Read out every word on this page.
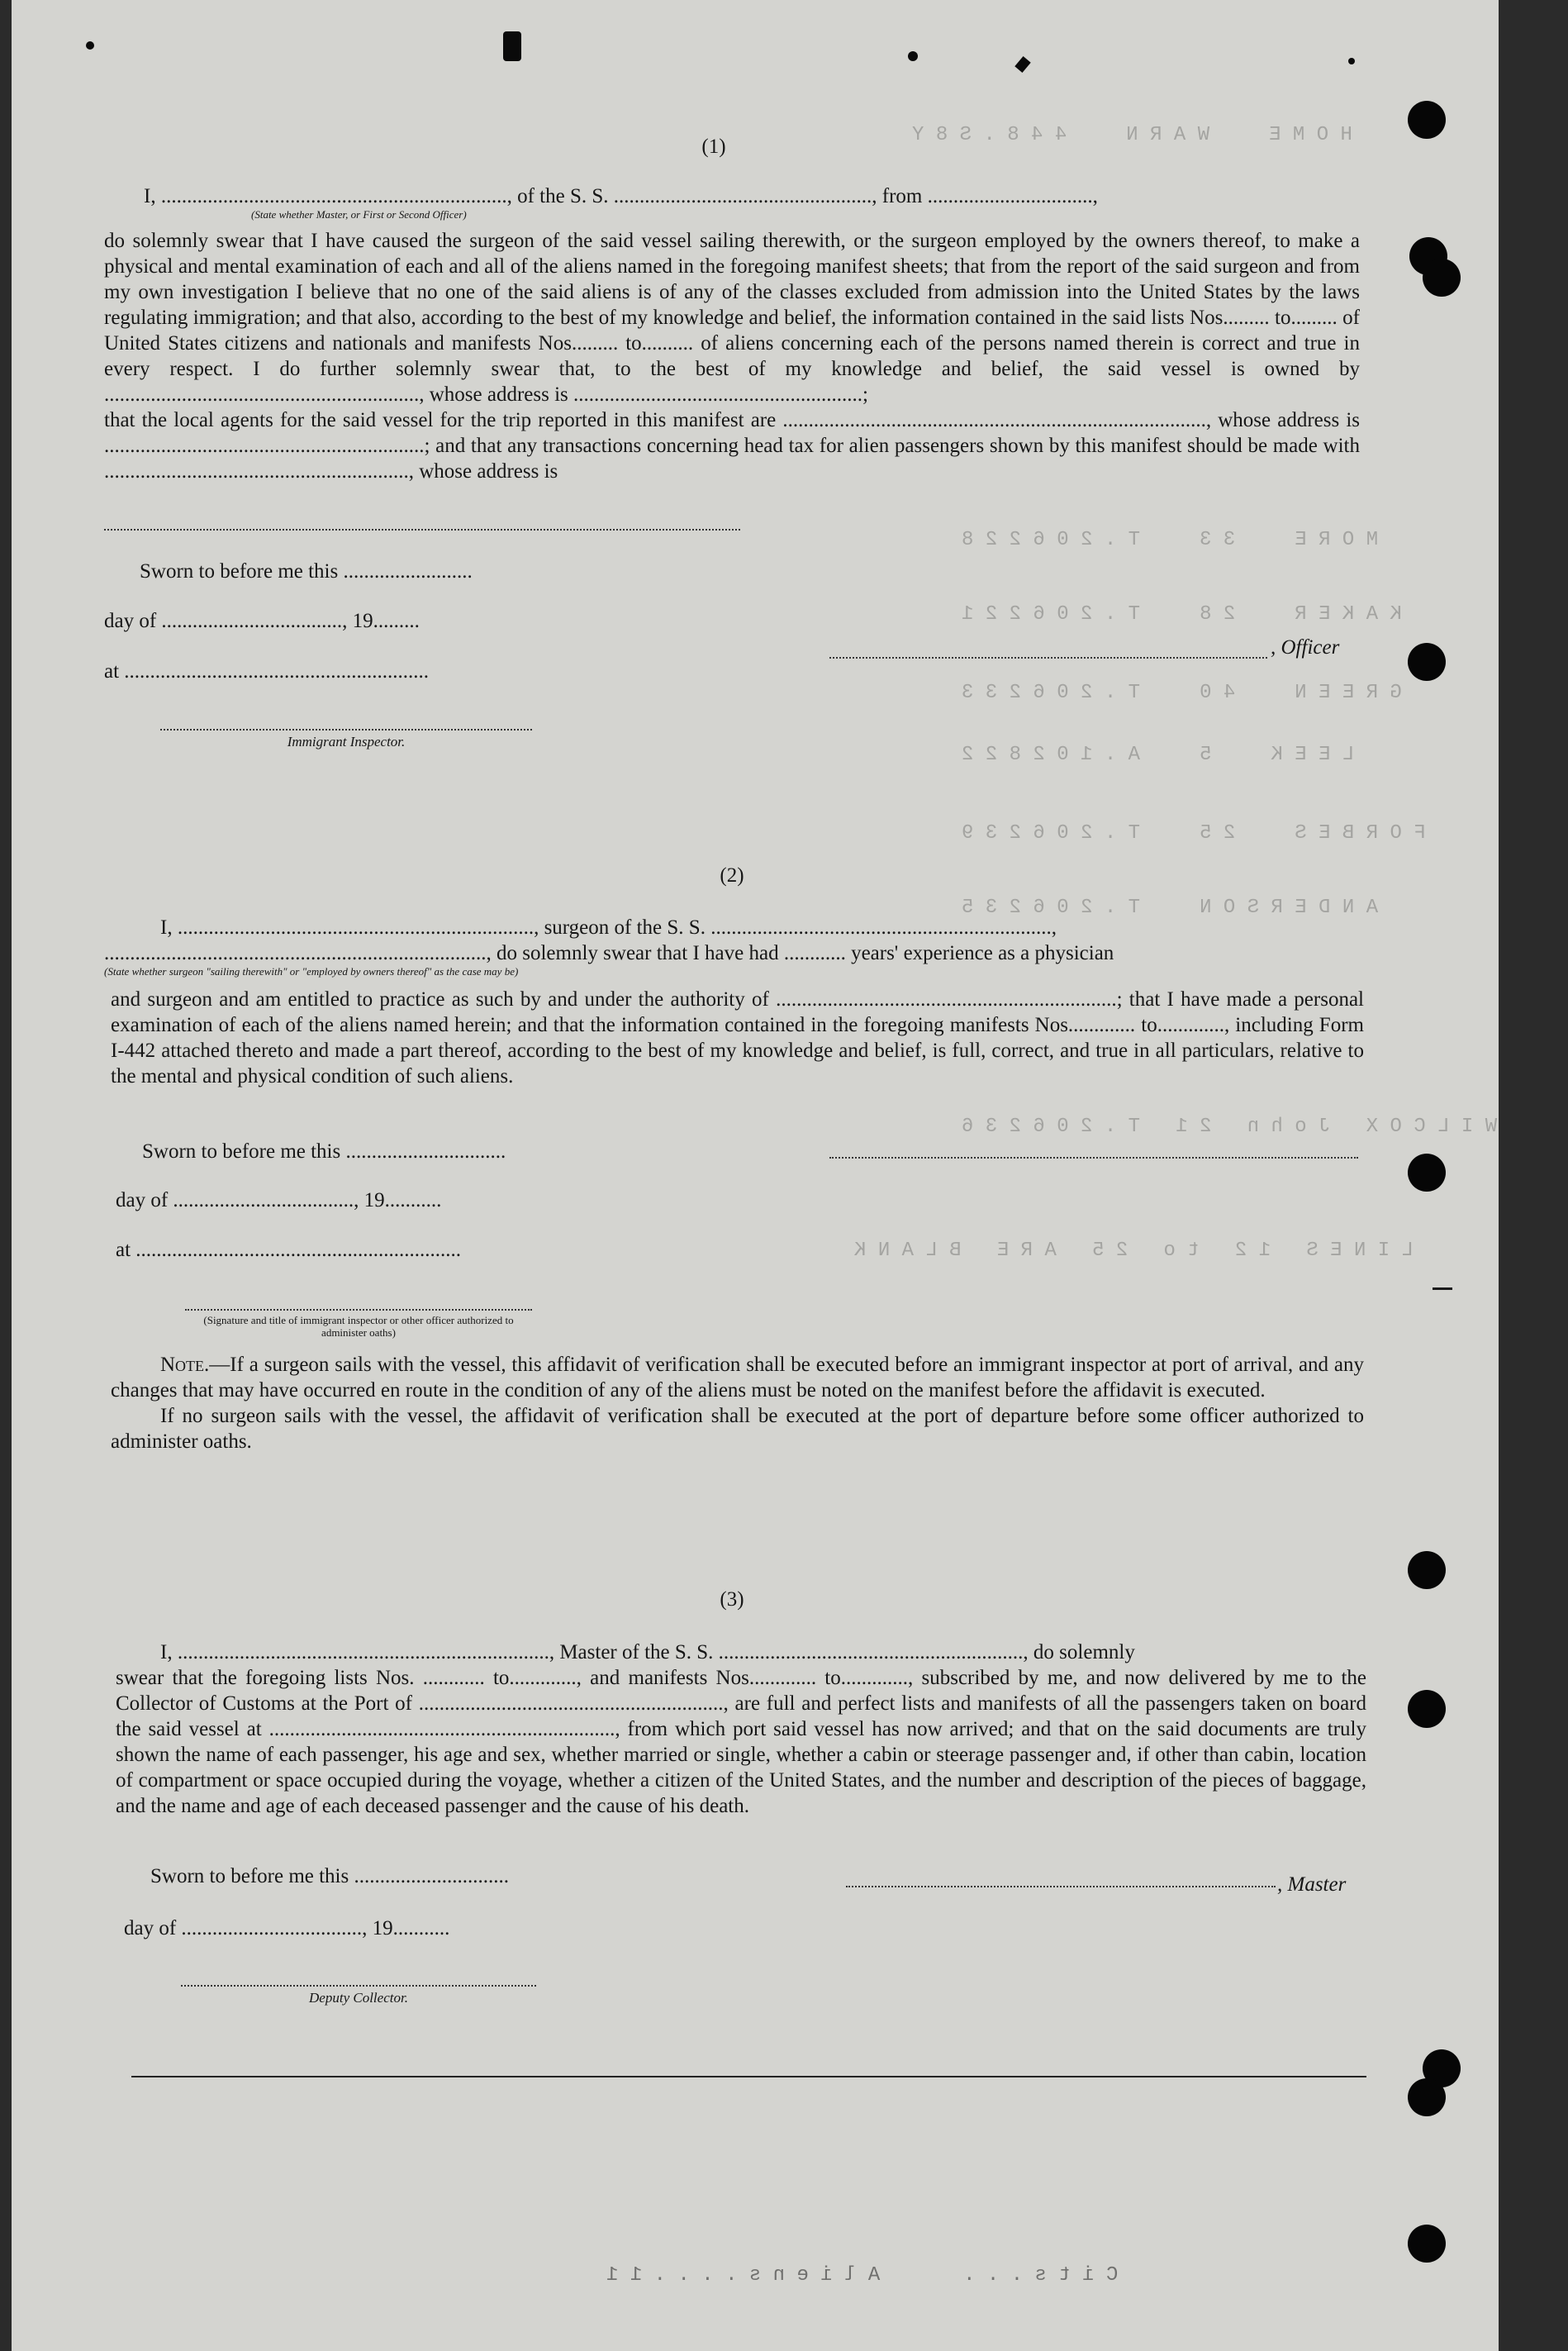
H O M E     W A R N     4 4 8 . S 8 Y
M O R E     3 3     T . 2 0 6 2 2 8
K A K E R     2 8     T . 2 0 6 2 2 1
G R E E N     4 0     T . 2 0 6 2 3 3
L E E K     5     A . 1 0 2 8 2 2
F O R B E S     2 5     T . 2 0 6 2 3 9
A N D E R S O N     T . 2 0 6 2 3 5
W I L C O X   J o h n   2 1   T . 2 0 6 2 3 6
L I N E S   1 2   t o   2 5   A R E   B L A N K
C i t s . . .       A l i e n s . . . . 1 1
(1)
I, ..................................................................., of the S. S. .................................................., from ................................,
(State whether Master, or First or Second Officer)

do solemnly swear that I have caused the surgeon of the said vessel sailing therewith, or the surgeon employed by the owners thereof, to make a physical and mental examination of each and all of the aliens named in the foregoing manifest sheets; that from the report of the said surgeon and from my own investigation I believe that no one of the said aliens is of any of the classes excluded from admission into the United States by the laws regulating immigration; and that also, according to the best of my knowledge and belief, the information contained in the said lists Nos......... to......... of United States citizens and nationals and manifests Nos......... to.......... of aliens concerning each of the persons named therein is correct and true in every respect. I do further solemnly swear that, to the best of my knowledge and belief, the said vessel is owned by ............................................................., whose address is ........................................................;

that the local agents for the said vessel for the trip reported in this manifest are .................................................................................., whose address is ..............................................................; and that any transactions concerning head tax for alien passengers shown by this manifest should be made with ..........................................................., whose address is

Sworn to before me this .........................
day of ..................................., 19.........
at ...........................................................
, Officer
Immigrant Inspector.
(2)
I, ....................................................................., surgeon of the S. S. ..................................................................,
.........................................................................., do solemnly swear that I have had ............ years' experience as a physician
(State whether surgeon "sailing therewith" or "employed by owners thereof" as the case may be)

and surgeon and am entitled to practice as such by and under the authority of ..................................................................; that I have made a personal examination of each of the aliens named herein; and that the information contained in the foregoing manifests Nos............. to............., including Form I-442 attached thereto and made a part thereof, according to the best of my knowledge and belief, is full, correct, and true in all particulars, relative to the mental and physical condition of such aliens.

Sworn to before me this ...............................
day of ..................................., 19...........
at ...............................................................
(Signature and title of immigrant inspector or other officer authorized to administer oaths)

Note.—If a surgeon sails with the vessel, this affidavit of verification shall be executed before an immigrant inspector at port of arrival, and any changes that may have occurred en route in the condition of any of the aliens must be noted on the manifest before the affidavit is executed.

If no surgeon sails with the vessel, the affidavit of verification shall be executed at the port of departure before some officer authorized to administer oaths.

(3)
I, ........................................................................, Master of the S. S. ..........................................................., do solemnly

swear that the foregoing lists Nos. ............ to............., and manifests Nos............. to............., subscribed by me, and now delivered by me to the Collector of Customs at the Port of ..........................................................., are full and perfect lists and manifests of all the passengers taken on board the said vessel at ..................................................................., from which port said vessel has now arrived; and that on the said documents are truly shown the name of each passenger, his age and sex, whether married or single, whether a cabin or steerage passenger and, if other than cabin, location of compartment or space occupied during the voyage, whether a citizen of the United States, and the number and description of the pieces of baggage, and the name and age of each deceased passenger and the cause of his death.

Sworn to before me this ..............................	, Master
day of ..................................., 19...........
Deputy Collector.
